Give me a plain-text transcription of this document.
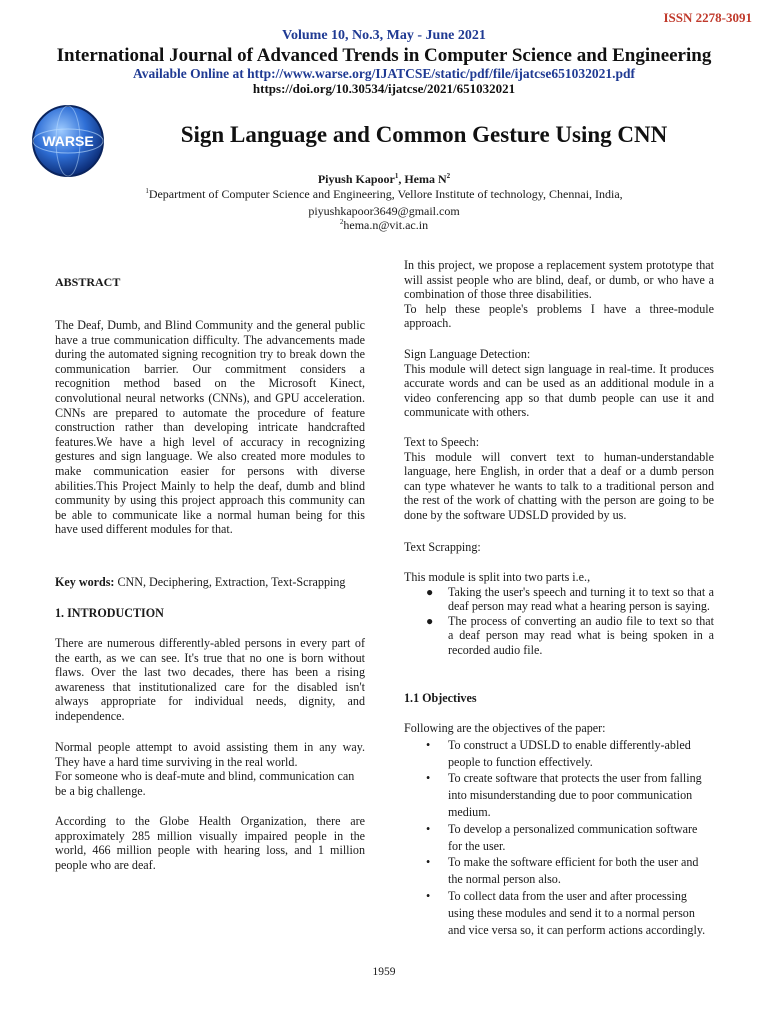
ISSN 2278-3091
Volume 10, No.3, May - June 2021
International Journal of Advanced Trends in Computer Science and Engineering
Available Online at http://www.warse.org/IJATCSE/static/pdf/file/ijatcse651032021.pdf
https://doi.org/10.30534/ijatcse/2021/651032021
WARSE	Sign Language and Common Gesture Using CNN
Piyush Kapoor$^1$, Hema $N^2$
$^1$Department of Computer Science and Engineering, Vellore Institute of technology, Chennai, India,
piyushkapoor3649@gmail.com
$^2$hema.n@vit.ac.in
ABSTRACT
The Deaf, Dumb, and Blind Community and the general public have a true communication difficulty. The advancements made during the automated signing recognition try to break down the communication barrier. Our commitment considers a recognition method based on the Microsoft Kinect, convolutional neural networks (CNNs), and GPU acceleration. CNNs are prepared to automate the procedure of feature construction rather than developing intricate handcrafted features.We have a high level of accuracy in recognizing gestures and sign language. We also created more modules to make communication easier for persons with diverse abilities.This Project Mainly to help the deaf, dumb and blind community by using this project approach this community can be able to communicate like a normal human being for this have used different modules for that.
Key words: CNN, Deciphering, Extraction, Text-Scrapping
1. INTRODUCTION
There are numerous differently-abled persons in every part of the earth, as we can see. It's true that no one is born without flaws. Over the last two decades, there has been a rising awareness that institutionalized care for the disabled isn't always appropriate for individual needs, dignity, and independence.
Normal people attempt to avoid assisting them in any way. They have a hard time surviving in the real world.
For someone who is deaf-mute and blind, communication can be a big challenge.
According to the Globe Health Organization, there are approximately 285 million visually impaired people in the world, 466 million people with hearing loss, and 1 million people who are deaf.
In this project, we propose a replacement system prototype that will assist people who are blind, deaf, or dumb, or who have a combination of those three disabilities.
To help these people's problems I have a three-module approach.
Sign Language Detection:
This module will detect sign language in real-time. It produces accurate words and can be used as an additional module in a video conferencing app so that dumb people can use it and communicate with others.
Text to Speech:
This module will convert text to human-understandable language, here English, in order that a deaf or a dumb person can type whatever he wants to talk to a traditional person and the rest of the work of chatting with the person are going to be done by the software UDSLD provided by us.
Text Scrapping:
This module is split into two parts i.e.,
● Taking the user's speech and turning it to text so that a deaf person may read what a hearing person is saying.
● The process of converting an audio file to text so that a deaf person may read what is being spoken in a recorded audio file.
1.1 Objectives
Following are the objectives of the paper:
• To construct a UDSLD to enable differently-abled people to function effectively.
• To create software that protects the user from falling into misunderstanding due to poor communication medium.
• To develop a personalized communication software for the user.
• To make the software efficient for both the user and the normal person also.
• To collect data from the user and after processing using these modules and send it to a normal person and vice versa so, it can perform actions accordingly.
1959
